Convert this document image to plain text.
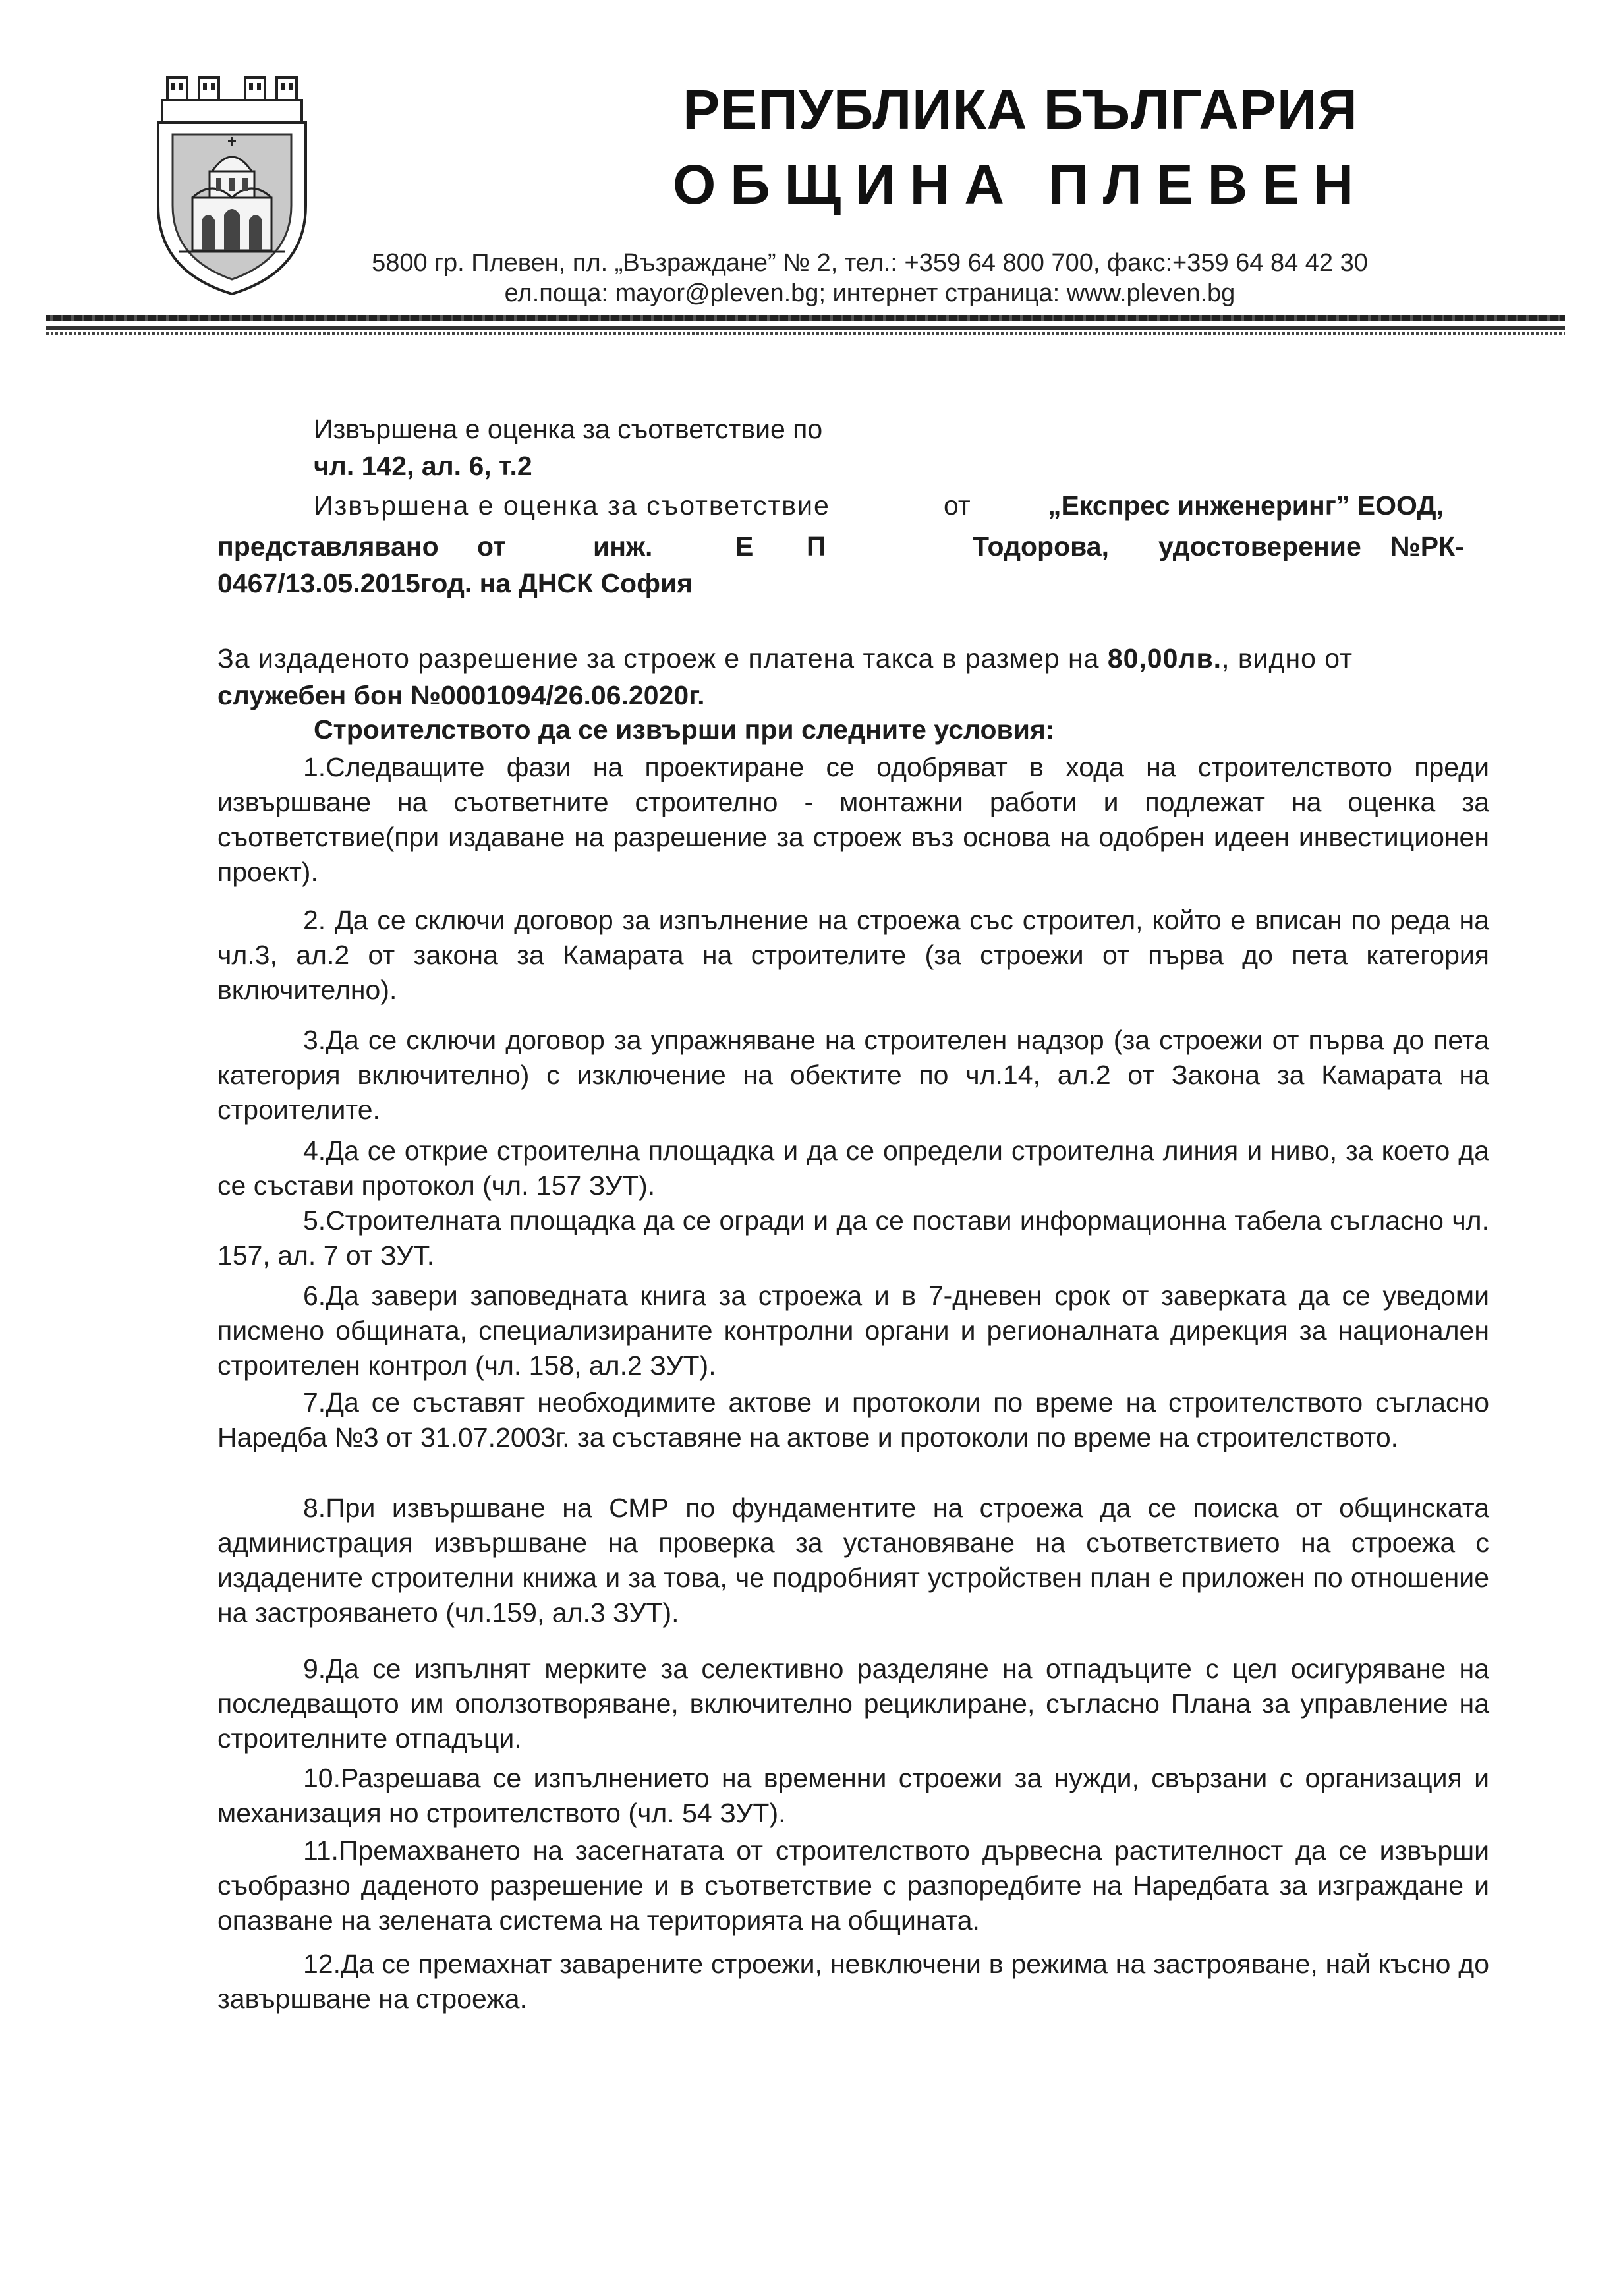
РЕПУБЛИКА БЪЛГАРИЯ
ОБЩИНА ПЛЕВЕН
5800 гр. Плевен, пл. „Възраждане” № 2, тел.: +359 64 800 700, факс:+359 64 84 42 30
ел.поща: mayor@pleven.bg; интернет страница: www.pleven.bg
Извършена е оценка за съответствие по
чл. 142, ал. 6, т.2
Извършена е оценка за съответствие	от	„Експрес инженеринг” ЕООД,
представлявано от	инж.	Е П	Тодорова, удостоверение №РК-
0467/13.05.2015год. на ДНСК София
За издаденото разрешение за строеж е платена такса в размер на 80,00лв., видно от
служебен бон №0001094/26.06.2020г.
Строителството да се извърши при следните условия:
1.Следващите фази на проектиране се одобряват в хода на строителството преди извършване на съответните строително - монтажни работи и подлежат на оценка за съответствие(при издаване на разрешение за строеж въз основа на одобрен идеен инвестиционен проект).
2. Да се сключи договор за изпълнение на строежа със строител, който е вписан по реда на чл.3, ал.2 от закона за Камарата на строителите (за строежи от първа до пета категория включително).
3.Да се сключи договор за упражняване на строителен надзор (за строежи от първа до пета категория включително) с изключение на обектите по чл.14, ал.2 от Закона за Камарата на строителите.
4.Да се открие строителна площадка и да се определи строителна линия и ниво, за което да се състави протокол (чл. 157 ЗУТ).
5.Строителната площадка да се огради и да се постави информационна табела съгласно чл. 157, ал. 7 от ЗУТ.
6.Да завери заповедната книга за строежа и в 7-дневен срок от заверката да се уведоми писмено общината, специализираните контролни органи и регионалната дирекция за национален строителен контрол (чл. 158, ал.2 ЗУТ).
7.Да се съставят необходимите актове и протоколи по време на строителството съгласно Наредба №3 от 31.07.2003г. за съставяне на актове и протоколи по време на строителството.
8.При извършване на СМР по фундаментите на строежа да се поиска от общинската администрация извършване на проверка за установяване на съответствието на строежа с издадените строителни книжа и за това, че подробният устройствен план е приложен по отношение на застрояването (чл.159, ал.3 ЗУТ).
9.Да се изпълнят мерките за селективно разделяне на отпадъците с цел осигуряване на последващото им оползотворяване, включително рециклиране, съгласно Плана за управление на строителните отпадъци.
10.Разрешава се изпълнението на временни строежи за нужди, свързани с организация и механизация но строителството (чл. 54 ЗУТ).
11.Премахването на засегнатата от строителството дървесна растителност да се извърши съобразно даденото разрешение и в съответствие с разпоредбите на Наредбата за изграждане и опазване на зелената система на територията на общината.
12.Да се премахнат заварените строежи, невключени в режима на застрояване, най късно до завършване на строежа.
